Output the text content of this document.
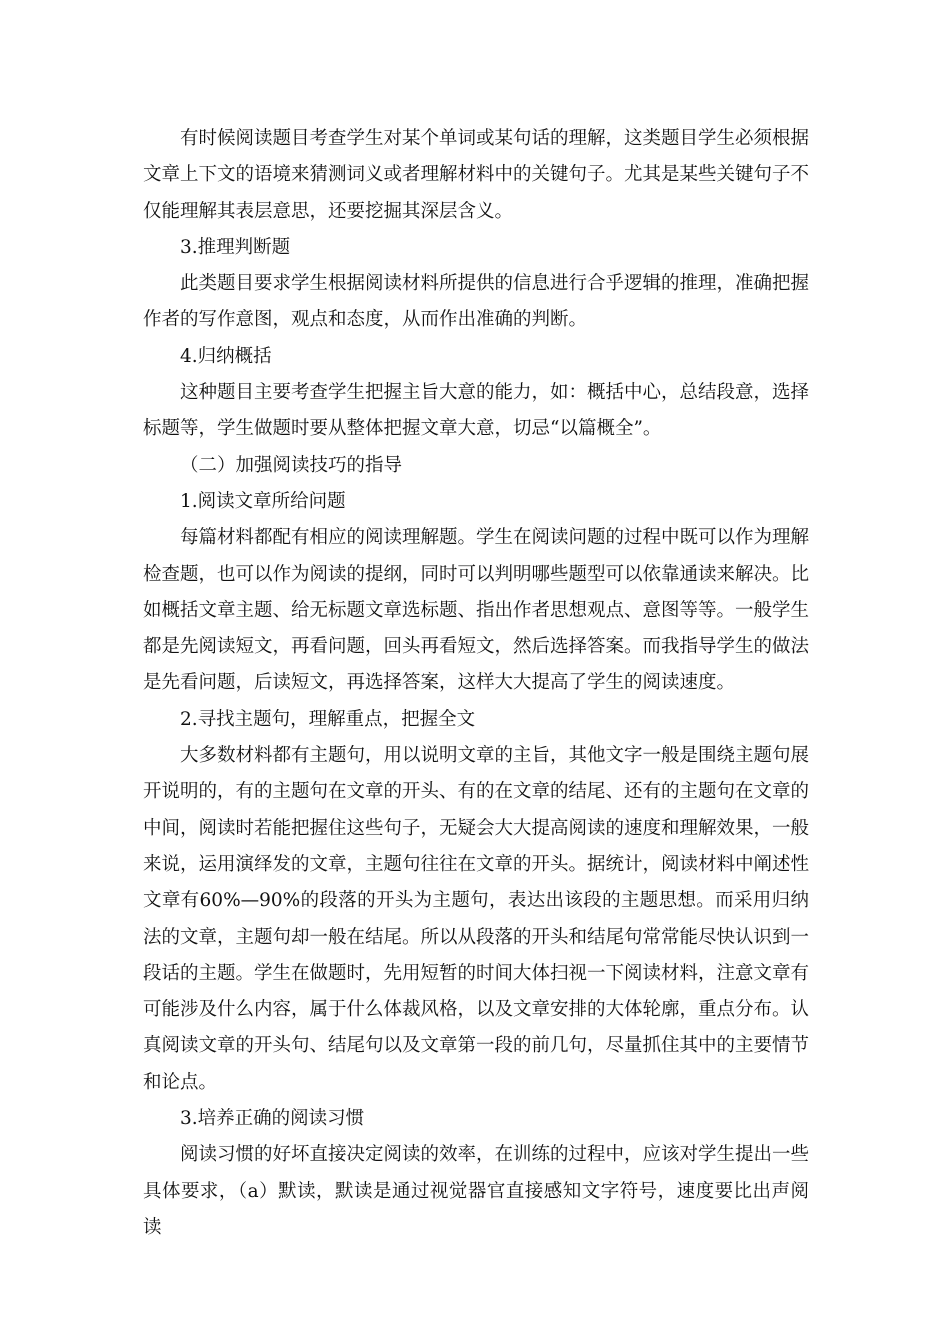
有时候阅读题目考查学生对某个单词或某句话的理解，这类题目学生必须根据文章上下文的语境来猜测词义或者理解材料中的关键句子。尤其是某些关键句子不仅能理解其表层意思，还要挖掘其深层含义。

3.推理判断题

此类题目要求学生根据阅读材料所提供的信息进行合乎逻辑的推理，准确把握作者的写作意图，观点和态度，从而作出准确的判断。

4.归纳概括

这种题目主要考查学生把握主旨大意的能力，如：概括中心，总结段意，选择标题等，学生做题时要从整体把握文章大意，切忌“以篇概全”。

（二）加强阅读技巧的指导

1.阅读文章所给问题

每篇材料都配有相应的阅读理解题。学生在阅读问题的过程中既可以作为理解检查题，也可以作为阅读的提纲，同时可以判明哪些题型可以依靠通读来解决。比如概括文章主题、给无标题文章选标题、指出作者思想观点、意图等等。一般学生都是先阅读短文，再看问题，回头再看短文，然后选择答案。而我指导学生的做法是先看问题，后读短文，再选择答案，这样大大提高了学生的阅读速度。

2.寻找主题句，理解重点，把握全文

大多数材料都有主题句，用以说明文章的主旨，其他文字一般是围绕主题句展开说明的，有的主题句在文章的开头、有的在文章的结尾、还有的主题句在文章的中间，阅读时若能把握住这些句子，无疑会大大提高阅读的速度和理解效果，一般来说，运用演绎发的文章，主题句往往在文章的开头。据统计，阅读材料中阐述性文章有60%—90%的段落的开头为主题句，表达出该段的主题思想。而采用归纳法的文章，主题句却一般在结尾。所以从段落的开头和结尾句常常能尽快认识到一段话的主题。学生在做题时，先用短暂的时间大体扫视一下阅读材料，注意文章有可能涉及什么内容，属于什么体裁风格，以及文章安排的大体轮廓，重点分布。认真阅读文章的开头句、结尾句以及文章第一段的前几句，尽量抓住其中的主要情节和论点。

3.培养正确的阅读习惯

阅读习惯的好坏直接决定阅读的效率，在训练的过程中，应该对学生提出一些具体要求，（a）默读，默读是通过视觉器官直接感知文字符号，速度要比出声阅读
